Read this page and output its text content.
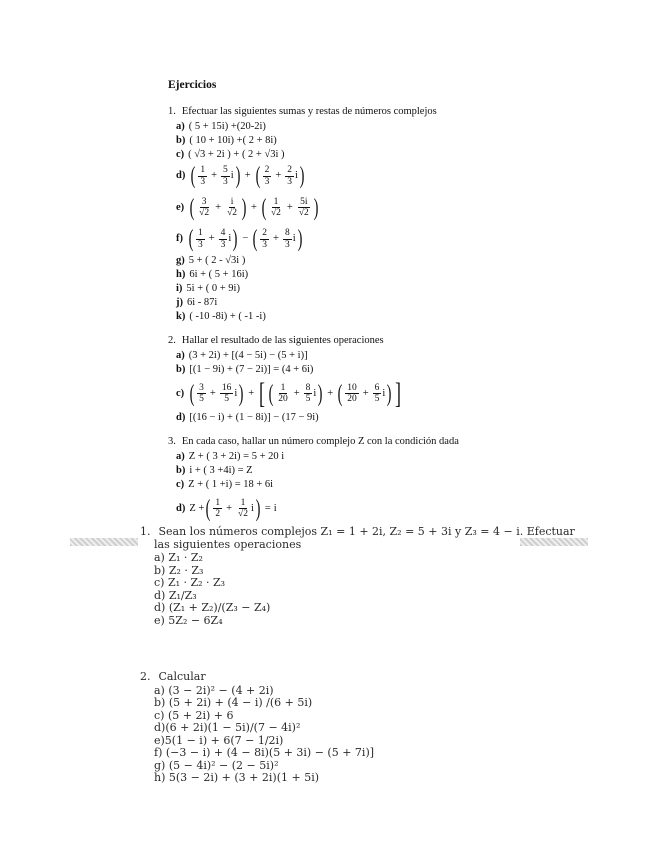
Ejercicios
1. Efectuar las siguientes sumas y restas de números complejos
a) ( 5 + 15i) +(20-2i)
b) ( 10 + 10i) +( 2 + 8i)
c) ( √3 + 2i ) + ( 2 + √3i )
d) ( $\frac{1}{3} + \frac{5}{3}$ i ) + ( $\frac{2}{3} + \frac{2}{3}$ i )
e) ( $\frac{3}{√2} + \frac{i}{√2}$ ) + ( $\frac{1}{√2} + \frac{5i}{√2}$ )
f) ( $\frac{1}{3} + \frac{4}{3}$ i ) − ( $\frac{2}{3} + \frac{8}{3}$ i )
g) 5 + ( 2 - √3i )
h) 6i + ( 5 + 16i)
i) 5i + ( 0 + 9i)
j) 6i - 87i
k) ( -10 -8i) + ( -1 -i)
2. Hallar el resultado de las siguientes operaciones
a) (3 + 2i) + [(4 − 5i) − (5 + i)]
b) [(1 − 9i) + (7 − 2i)] = (4 + 6i)
c) ( $\frac{3}{5} + \frac{16}{5}$ i ) + [ ( $\frac{1}{20} + \frac{8}{5}$ i ) + ( $\frac{10}{20} + \frac{6}{5}$ i ) ]
d) [(16 − i) + (1 − 8i)] − (17 − 9i)
3. En cada caso, hallar un número complejo Z con la condición dada
a) Z + ( 3 + 2i) = 5 + 20 i
b) i + ( 3 +4i) = Z
c) Z + ( 1 +i) = 18 + 6i
d) Z + ( $\frac{1}{2} + \frac{1}{√2}$ i ) = i
1. Sean los números complejos Z₁ = 1 + 2i, Z₂ = 5 + 3i y Z₃ = 4 − i. Efectuar
las siguientes operaciones
a) Z₁ · Z₂
b) Z₂ · Z₃
c) Z₁ · Z₂ · Z₃
d) Z₁/Z₃
d) (Z₁ + Z₂)/(Z₃ − Z₄)
e) 5Z₂ − 6Z₄
2. Calcular
a) (3 − 2i)² − (4 + 2i)
b) (5 + 2i) + (4 − i) /(6 + 5i)
c) (5 + 2i) + 6
d)(6 + 2i)(1 − 5i)/(7 − 4i)²
e)5(1 − i) + 6(7 − 1/2i)
f) (−3 − i) + (4 − 8i)(5 + 3i) − (5 + 7i)]
g) (5 − 4i)² − (2 − 5i)²
h) 5(3 − 2i) + (3 + 2i)(1 + 5i)
